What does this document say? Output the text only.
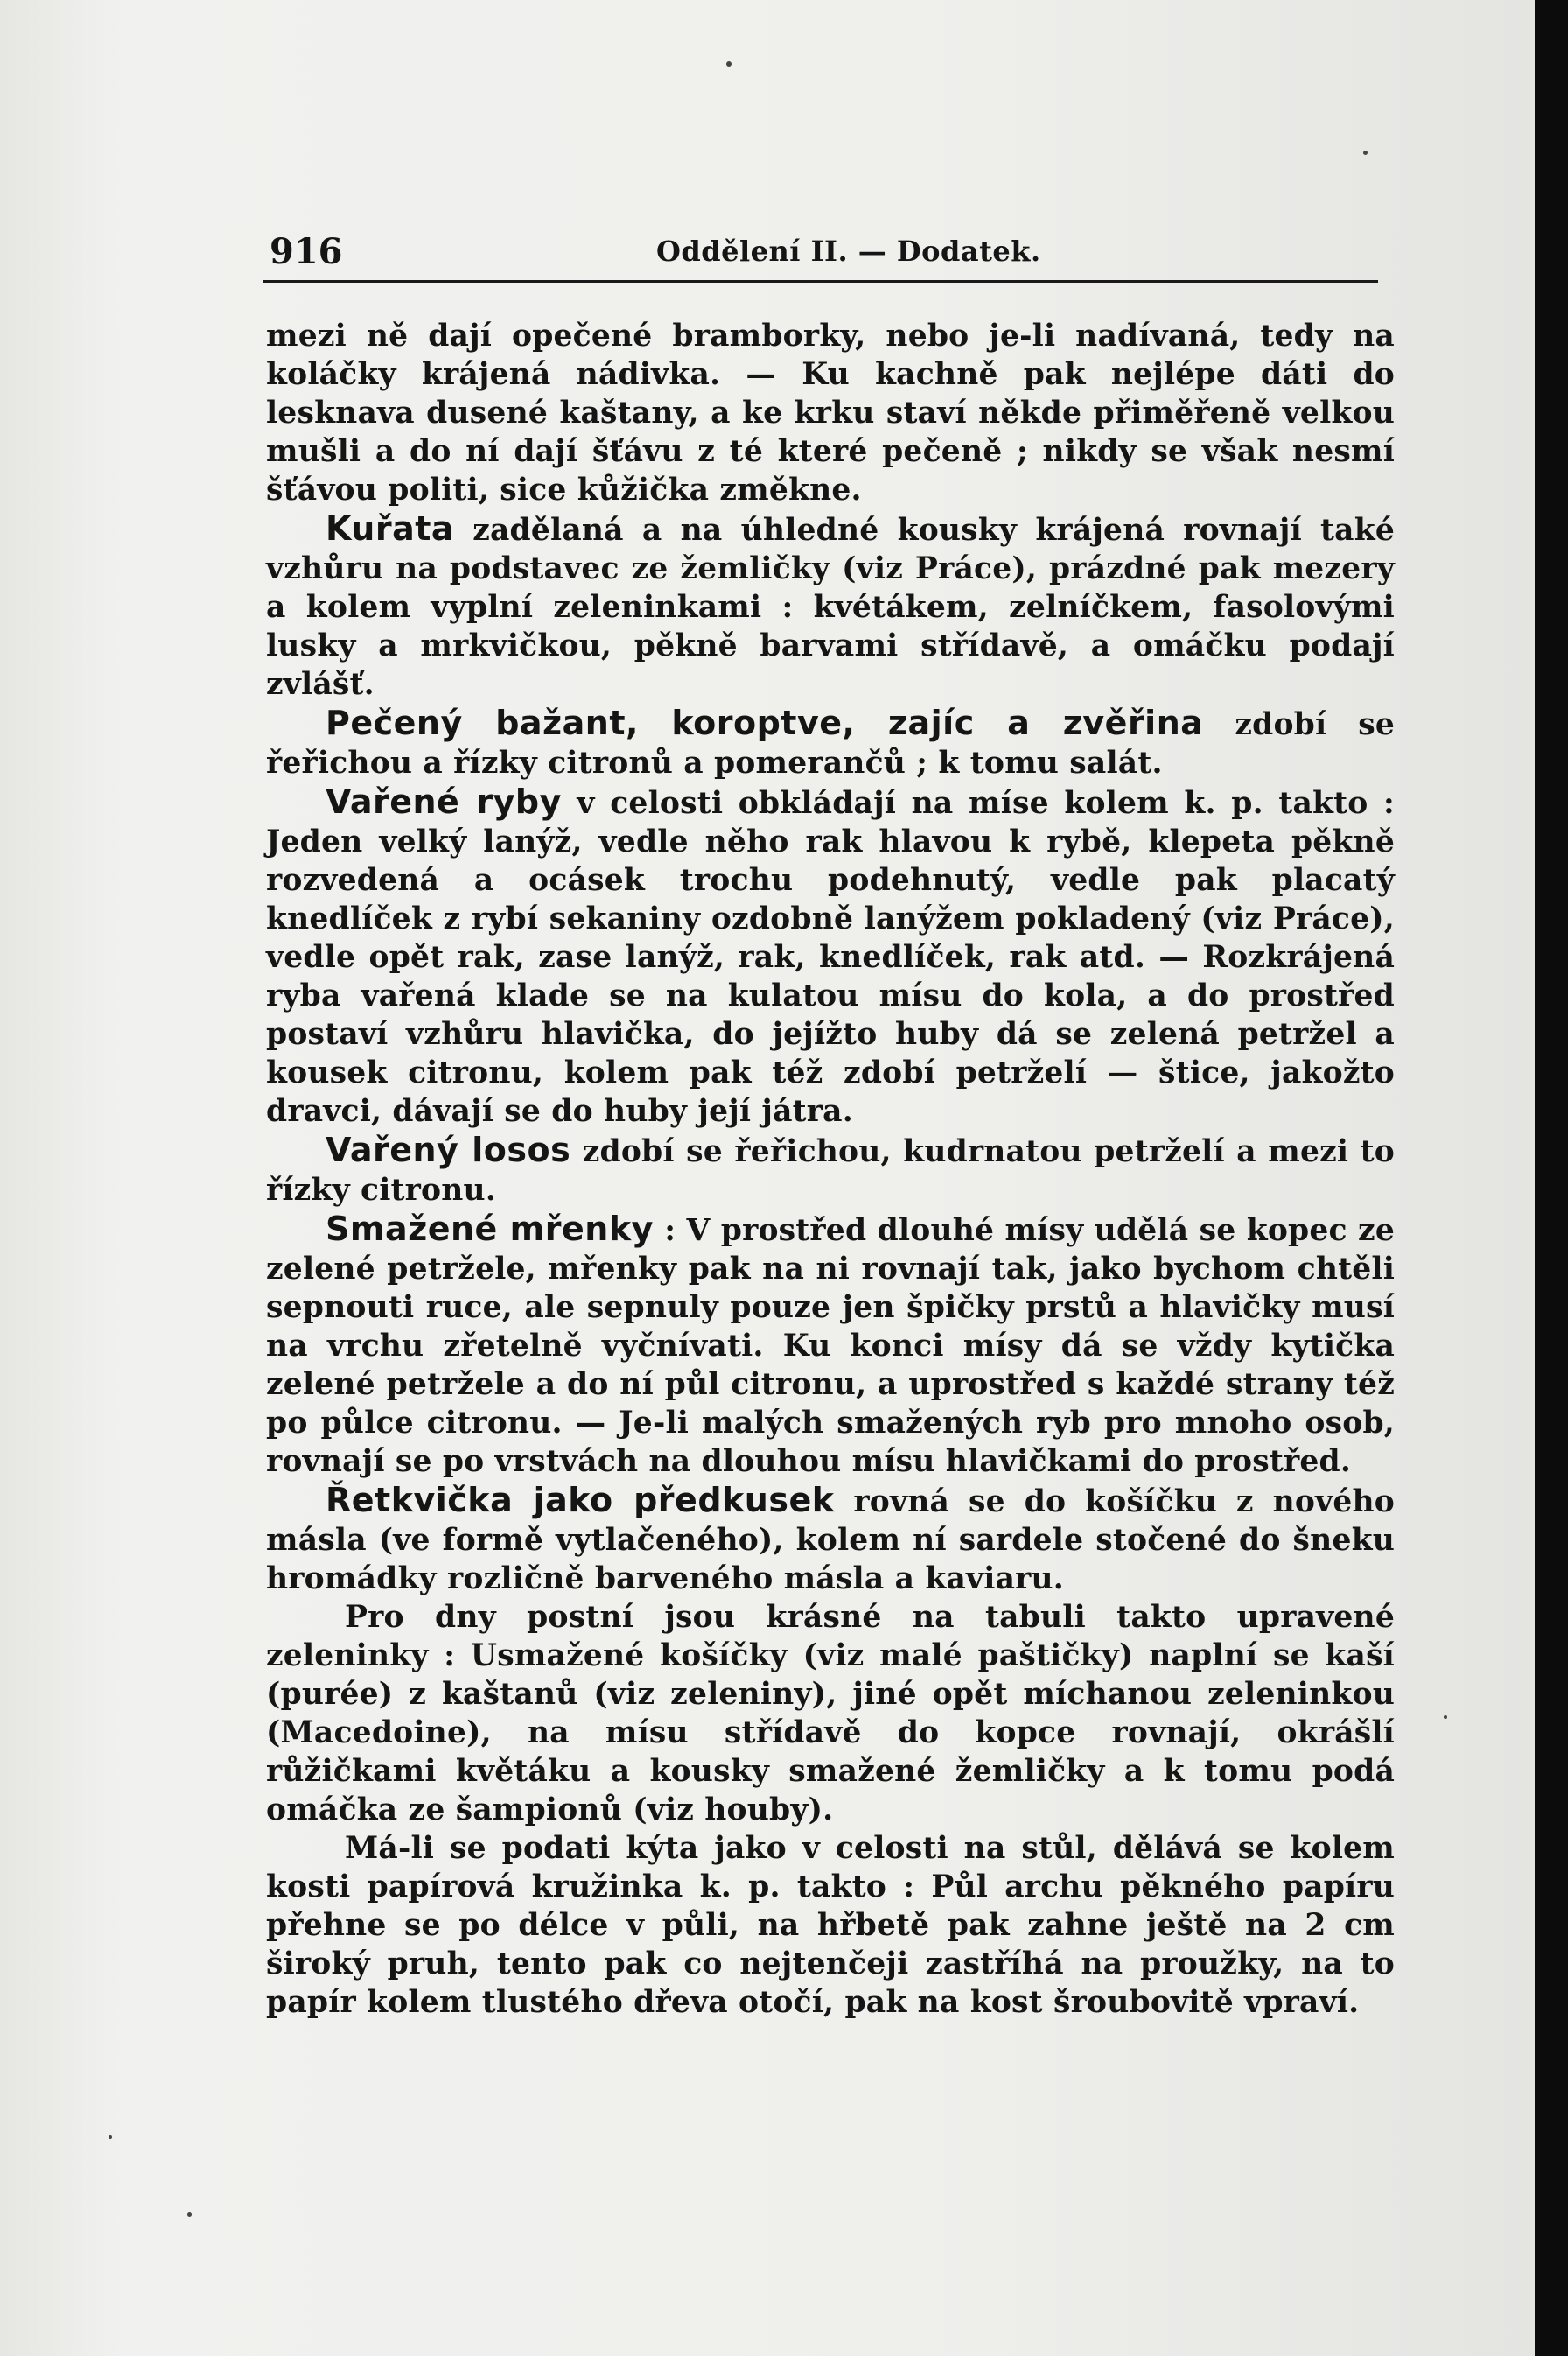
916	Oddělení II. — Dodatek.

mezi ně dají opečené bramborky, nebo je-li nadívaná, tedy na koláčky krájená nádivka. — Ku kachně pak nejlépe dáti do lesknava dusené kaštany, a ke krku staví někde přiměřeně velkou mušli a do ní dají šťávu z té které pečeně ; nikdy se však nesmí šťávou politi, sice kůžička změkne.

Kuřata zadělaná a na úhledné kousky krájená rovnají také vzhůru na podstavec ze žemličky (viz Práce), prázdné pak mezery a kolem vyplní zeleninkami : kvétákem, zelníčkem, fasolovými lusky a mrkvičkou, pěkně barvami střídavě, a omáčku podají zvlášť.

Pečený bažant, koroptve, zajíc a zvěřina zdobí se řeřichou a řízky citronů a pomerančů ; k tomu salát.

Vařené ryby v celosti obkládají na míse kolem k. p. takto : Jeden velký lanýž, vedle něho rak hlavou k rybě, klepeta pěkně rozvedená a ocásek trochu podehnutý, vedle pak placatý knedlíček z rybí sekaniny ozdobně lanýžem pokladený (viz Práce), vedle opět rak, zase lanýž, rak, knedlíček, rak atd. — Rozkrájená ryba vařená klade se na kulatou mísu do kola, a do prostřed postaví vzhůru hlavička, do jejížto huby dá se zelená petržel a kousek citronu, kolem pak též zdobí petrželí — štice, jakožto dravci, dávají se do huby její játra.

Vařený losos zdobí se řeřichou, kudrnatou petrželí a mezi to řízky citronu.

Smažené mřenky : V prostřed dlouhé mísy udělá se kopec ze zelené petržele, mřenky pak na ni rovnají tak, jako bychom chtěli sepnouti ruce, ale sepnuly pouze jen špičky prstů a hlavičky musí na vrchu zřetelně vyčnívati. Ku konci mísy dá se vždy kytička zelené petržele a do ní půl citronu, a uprostřed s každé strany též po půlce citronu. — Je-li malých smažených ryb pro mnoho osob, rovnají se po vrstvách na dlouhou mísu hlavičkami do prostřed.

Řetkvička jako předkusek rovná se do košíčku z nového másla (ve formě vytlačeného), kolem ní sardele stočené do šneku hromádky rozličně barveného másla a kaviaru.

Pro dny postní jsou krásné na tabuli takto upravené zeleninky : Usmažené košíčky (viz malé paštičky) naplní se kaší (purée) z kaštanů (viz zeleniny), jiné opět míchanou zeleninkou (Macedoine), na mísu střídavě do kopce rovnají, okrášlí růžičkami květáku a kousky smažené žemličky a k tomu podá omáčka ze šampionů (viz houby).

Má-li se podati kýta jako v celosti na stůl, dělává se kolem kosti papírová kružinka k. p. takto : Půl archu pěkného papíru přehne se po délce v půli, na hřbetě pak zahne ještě na 2 cm široký pruh, tento pak co nejtenčeji zastříhá na proužky, na to papír kolem tlustého dřeva otočí, pak na kost šroubovitě vpraví.
